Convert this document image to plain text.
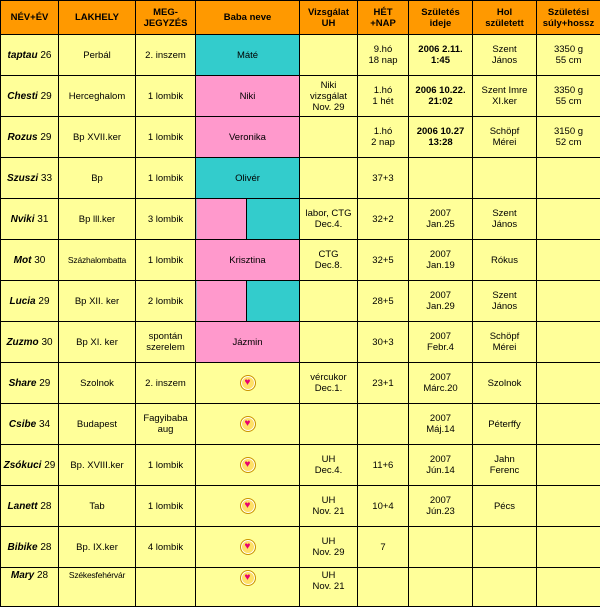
NÉV+ÉV	LAKHELY	MEG-
JEGYZÉS	Baba neve	Vizsgálat
UH	HÉT
+NAP	Születés
ideje	Hol
született	Születési
súly+hossz

taptau 26	Perbál	2. inszem	Máté		9.hó
18 nap	2006 2.11.
1:45	Szent
János	3350 g
55 cm

Chesti 29	Herceghalom	1 lombik	Niki	Niki
vizsgálat
Nov. 29	1.hó
1 hét	2006 10.22.
21:02	Szent Imre
XI.ker	3350 g
55 cm

Rozus 29	Bp XVII.ker	1 lombik	Veronika		1.hó
2 nap	2006 10.27
13:28	Schöpf
Mérei	3150 g
52 cm

Szuszi 33	Bp	1 lombik	Olivér		37+3			

Nviki 31	Bp lll.ker	3 lombik		labor, CTG
Dec.4.	32+2	2007
Jan.25	Szent
János	

Mot 30	Százhalombatta	1 lombik	Krisztina	CTG
Dec.8.	32+5	2007
Jan.19	Rókus	

Lucia 29	Bp XII. ker	2 lombik			28+5	2007
Jan.29	Szent
János	

Zuzmo 30	Bp XI. ker	spontán
szerelem	Jázmin		30+3	2007
Febr.4	Schöpf
Mérei	

Share 29	Szolnok	2. inszem
	♥	vércukor
Dec.1.	23+1	2007
Márc.20	Szolnok	

Csibe 34	Budapest	Fagyibaba
aug
	♥			2007
Máj.14	Péterffy	

Zsókuci 29	Bp. XVIII.ker	1 lombik
	♥	UH
Dec.4.	11+6	2007
Jún.14	Jahn
Ferenc	

Lanett 28	Tab	1 lombik
	♥	UH
Nov. 21	10+4	2007
Jún.23	Pécs	

Bibike 28	Bp. IX.ker	4 lombik
	♥	UH
Nov. 29	7			

Mary 28	Székesfehérvár		♥	UH
Nov. 21				
